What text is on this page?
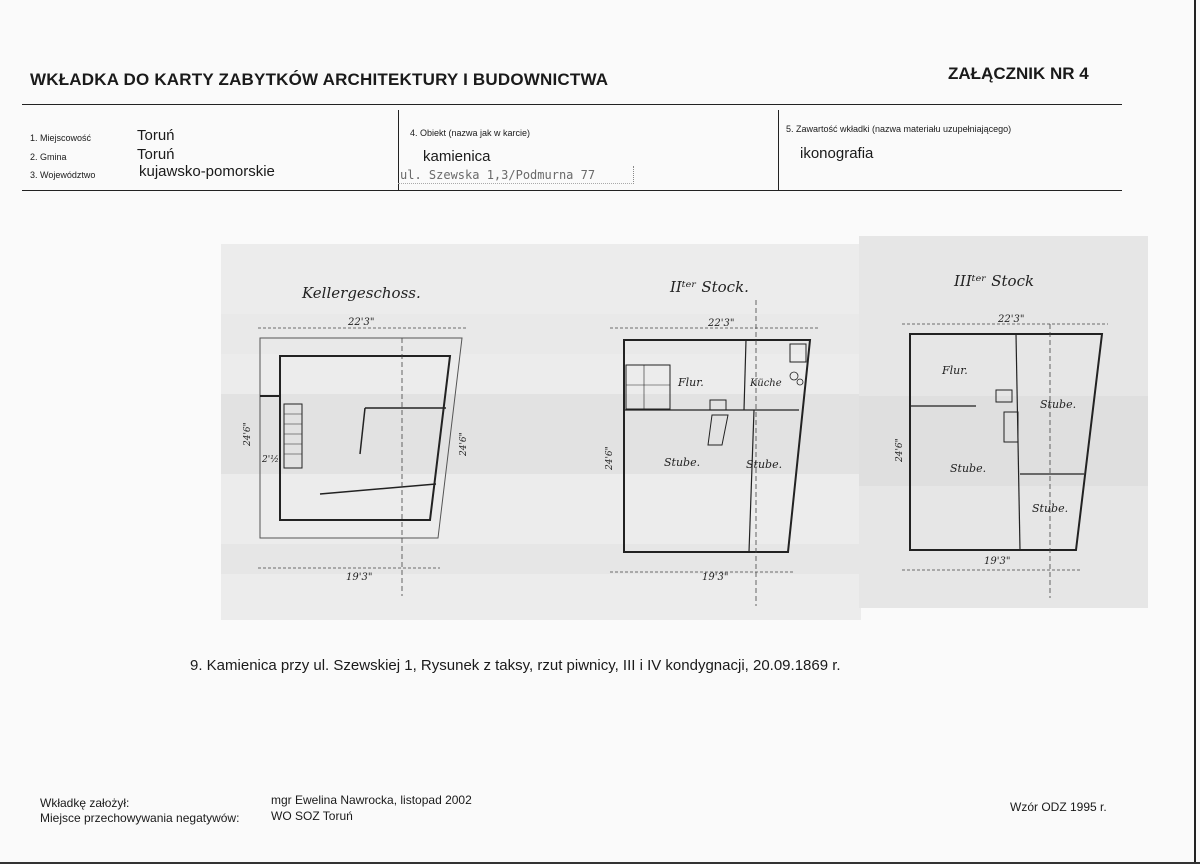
WKŁADKA DO KARTY ZABYTKÓW ARCHITEKTURY I BUDOWNICTWA	ZAŁĄCZNIK NR 4
1. Miejscowość	Toruń
2. Gmina	Toruń
3. Województwo	kujawsko-pomorskie
4. Obiekt (nazwa jak w karcie)
kamienica
ul. Szewska 1,3/Podmurna 77
5. Zawartość wkładki (nazwa materiału uzupełniającego)
ikonografia
Kellergeschoss.
22'3"
19'3"
24'6"	24'6"
2'½
IIᵗᵉʳ Stock.
22'3"
Flur.	Küche
Stube.	Stube.
19'3"
24'6"
IIIᵗᵉʳ Stock
22'3"
Flur.
Stube.
Stube.
Stube.
19'3"
24'6"
9. Kamienica przy ul. Szewskiej 1, Rysunek z taksy, rzut piwnicy, III i IV kondygnacji, 20.09.1869 r.
Wkładkę założył:	mgr Ewelina Nawrocka, listopad 2002
Miejsce przechowywania negatywów:	WO SOZ Toruń
Wzór ODZ 1995 r.
